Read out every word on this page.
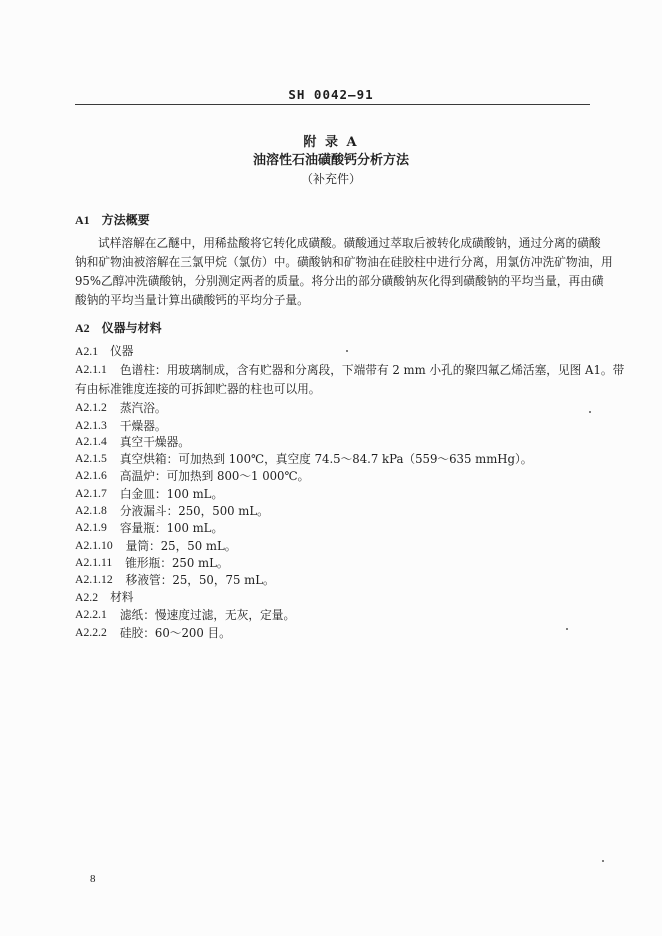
SH 0042—91
附 录 A
油溶性石油磺酸钙分析方法
（补充件）
A1 方法概要
试样溶解在乙醚中，用稀盐酸将它转化成磺酸。磺酸通过萃取后被转化成磺酸钠，通过分离的磺酸
钠和矿物油被溶解在三氯甲烷（氯仿）中。磺酸钠和矿物油在硅胶柱中进行分离，用氯仿冲洗矿物油，用
95%乙醇冲洗磺酸钠，分别测定两者的质量。将分出的部分磺酸钠灰化得到磺酸钠的平均当量，再由磺
酸钠的平均当量计算出磺酸钙的平均分子量。
A2 仪器与材料
A2.1 仪器
A2.1.1 色谱柱：用玻璃制成，含有贮器和分离段，下端带有 2 mm 小孔的聚四氟乙烯活塞，见图 A1。带
有由标准锥度连接的可拆卸贮器的柱也可以用。
A2.1.2 蒸汽浴。
A2.1.3 干燥器。
A2.1.4 真空干燥器。
A2.1.5 真空烘箱：可加热到 100℃，真空度 74.5～84.7 kPa（559～635 mmHg）。
A2.1.6 高温炉：可加热到 800～1 000℃。
A2.1.7 白金皿：100 mL。
A2.1.8 分液漏斗：250，500 mL。
A2.1.9 容量瓶：100 mL。
A2.1.10 量筒：25，50 mL。
A2.1.11 锥形瓶：250 mL。
A2.1.12 移液管：25，50，75 mL。
A2.2 材料
A2.2.1 滤纸：慢速度过滤，无灰，定量。
A2.2.2 硅胶：60～200 目。
8
